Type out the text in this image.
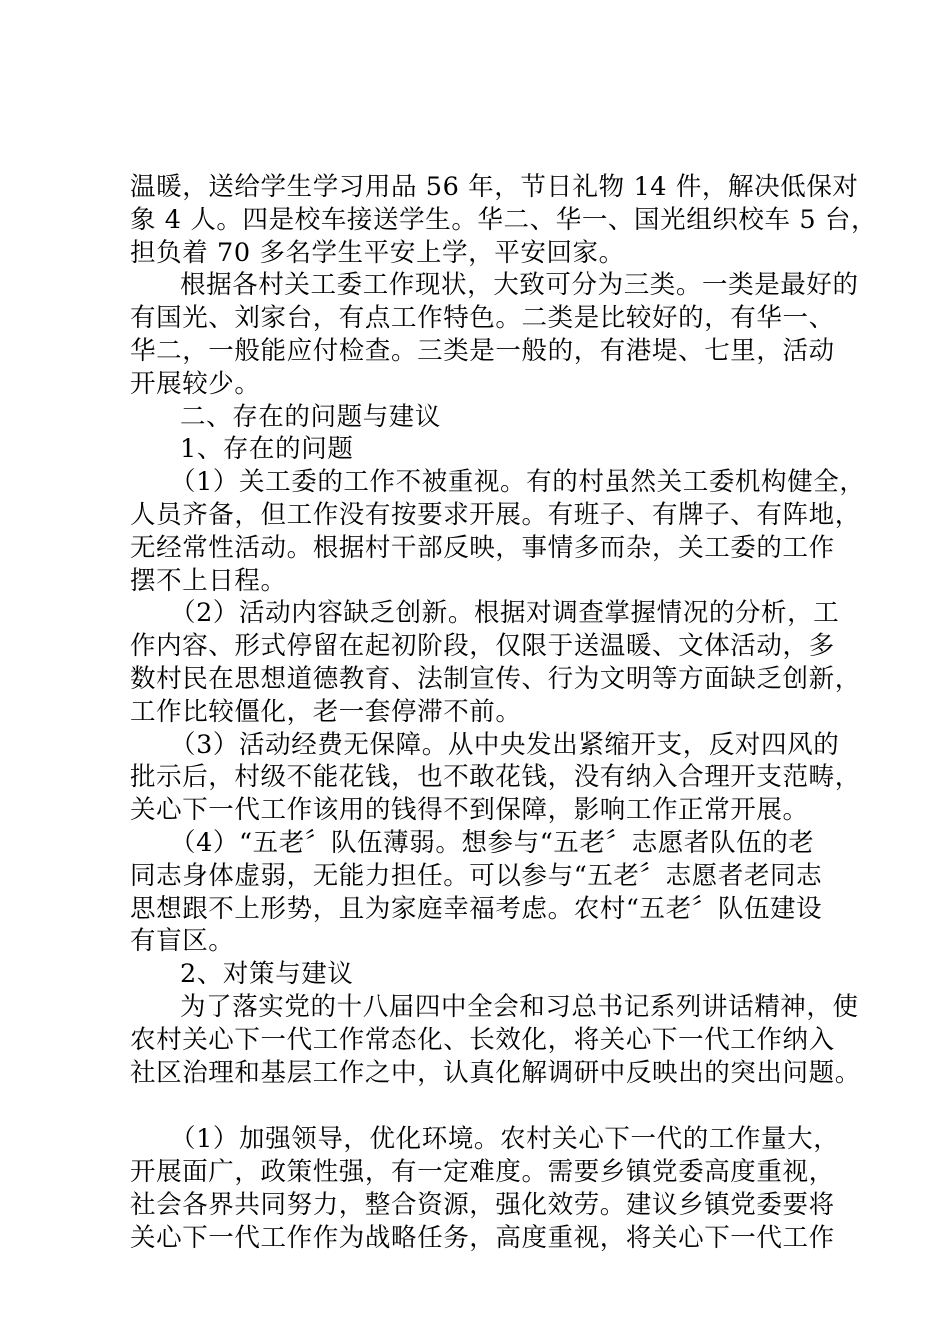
温暖，送给学生学习用品 56 年，节日礼物 14 件，解决低保对
象 4 人。四是校车接送学生。华二、华一、国光组织校车 5 台，
担负着 70 多名学生平安上学，平安回家。
根据各村关工委工作现状，大致可分为三类。一类是最好的
有国光、刘家台，有点工作特色。二类是比较好的，有华一、
华二，一般能应付检查。三类是一般的，有港堤、七里，活动
开展较少。
二、存在的问题与建议
1、存在的问题
（1）关工委的工作不被重视。有的村虽然关工委机构健全，
人员齐备，但工作没有按要求开展。有班子、有牌子、有阵地，
无经常性活动。根据村干部反映，事情多而杂，关工委的工作
摆不上日程。
（2）活动内容缺乏创新。根据对调查掌握情况的分析，工
作内容、形式停留在起初阶段，仅限于送温暖、文体活动，多
数村民在思想道德教育、法制宣传、行为文明等方面缺乏创新，
工作比较僵化，老一套停滞不前。
（3）活动经费无保障。从中央发出紧缩开支，反对四风的
批示后，村级不能花钱，也不敢花钱，没有纳入合理开支范畴，
关心下一代工作该用的钱得不到保障，影响工作正常开展。
（4）“五老〞队伍薄弱。想参与“五老〞志愿者队伍的老
同志身体虚弱，无能力担任。可以参与“五老〞志愿者老同志
思想跟不上形势，且为家庭幸福考虑。农村“五老〞队伍建设
有盲区。
2、对策与建议
为了落实党的十八届四中全会和习总书记系列讲话精神，使
农村关心下一代工作常态化、长效化，将关心下一代工作纳入
社区治理和基层工作之中，认真化解调研中反映出的突出问题。
（1）加强领导，优化环境。农村关心下一代的工作量大，
开展面广，政策性强，有一定难度。需要乡镇党委高度重视，
社会各界共同努力，整合资源，强化效劳。建议乡镇党委要将
关心下一代工作作为战略任务，高度重视，将关心下一代工作
